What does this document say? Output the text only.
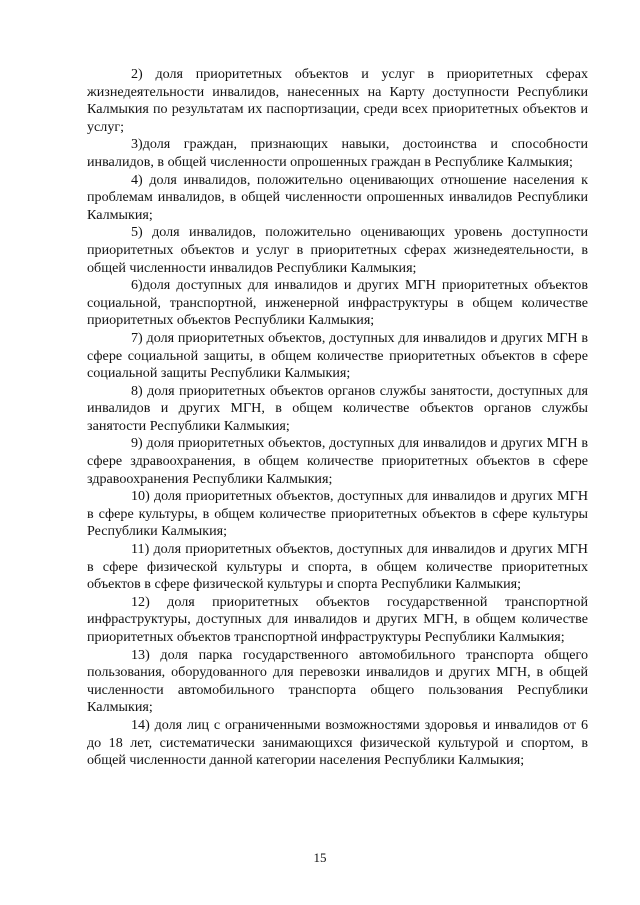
2) доля приоритетных объектов и услуг в приоритетных сферах жизнедеятельности инвалидов, нанесенных на Карту доступности Республики Калмыкия по результатам их паспортизации, среди всех приоритетных объектов и услуг;

3)доля граждан, признающих навыки, достоинства и способности инвалидов, в общей численности опрошенных граждан в Республике Калмыкия;

4) доля инвалидов, положительно оценивающих отношение населения к проблемам инвалидов, в общей численности опрошенных инвалидов Республики Калмыкия;

5) доля инвалидов, положительно оценивающих уровень доступности приоритетных объектов и услуг в приоритетных сферах жизнедеятельности, в общей численности инвалидов Республики Калмыкия;

6)доля доступных для инвалидов и других МГН приоритетных объектов социальной, транспортной, инженерной инфраструктуры в общем количестве приоритетных объектов Республики Калмыкия;

7) доля приоритетных объектов, доступных для инвалидов и других МГН в сфере социальной защиты, в общем количестве приоритетных объектов в сфере социальной защиты Республики Калмыкия;

8) доля приоритетных объектов органов службы занятости, доступных для инвалидов и других МГН, в общем количестве объектов органов службы занятости Республики Калмыкия;

9) доля приоритетных объектов, доступных для инвалидов и других МГН в сфере здравоохранения, в общем количестве приоритетных объектов в сфере здравоохранения Республики Калмыкия;

10) доля приоритетных объектов, доступных для инвалидов и других МГН в сфере культуры, в общем количестве приоритетных объектов в сфере культуры Республики Калмыкия;

11) доля приоритетных объектов, доступных для инвалидов и других МГН в сфере физической культуры и спорта, в общем количестве приоритетных объектов в сфере физической культуры и спорта Республики Калмыкия;

12) доля приоритетных объектов государственной транспортной инфраструктуры, доступных для инвалидов и других МГН, в общем количестве приоритетных объектов транспортной инфраструктуры Республики Калмыкия;

13) доля парка государственного автомобильного транспорта общего пользования, оборудованного для перевозки инвалидов и других МГН, в общей численности автомобильного транспорта общего пользования Республики Калмыкия;

14) доля лиц с ограниченными возможностями здоровья и инвалидов от 6 до 18 лет, систематически занимающихся физической культурой и спортом, в общей численности данной категории населения Республики Калмыкия;

15
